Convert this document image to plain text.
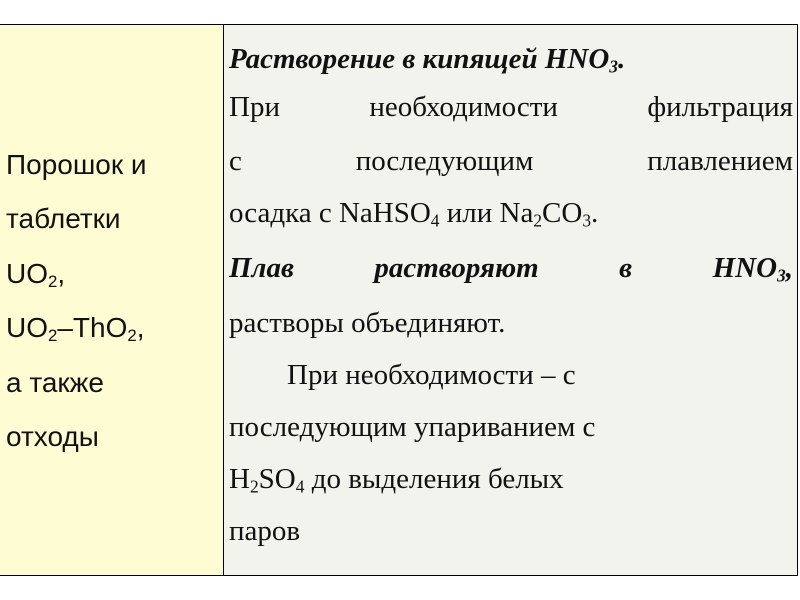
Порошок и
таблетки
$UO_2$,
$UO_2-ThO_2$,
а также
отходы
Растворение в кипящей $HNO_3$.
При необходимости фильтрация
с последующим плавлением
осадка с NaHSO$_4$ или $Na_2CO_3$.
Плав растворяют в $HNO_3$,
растворы объединяют.
При необходимости – с
последующим упариванием с
$H_2SO_4$ до выделения белых
паров
